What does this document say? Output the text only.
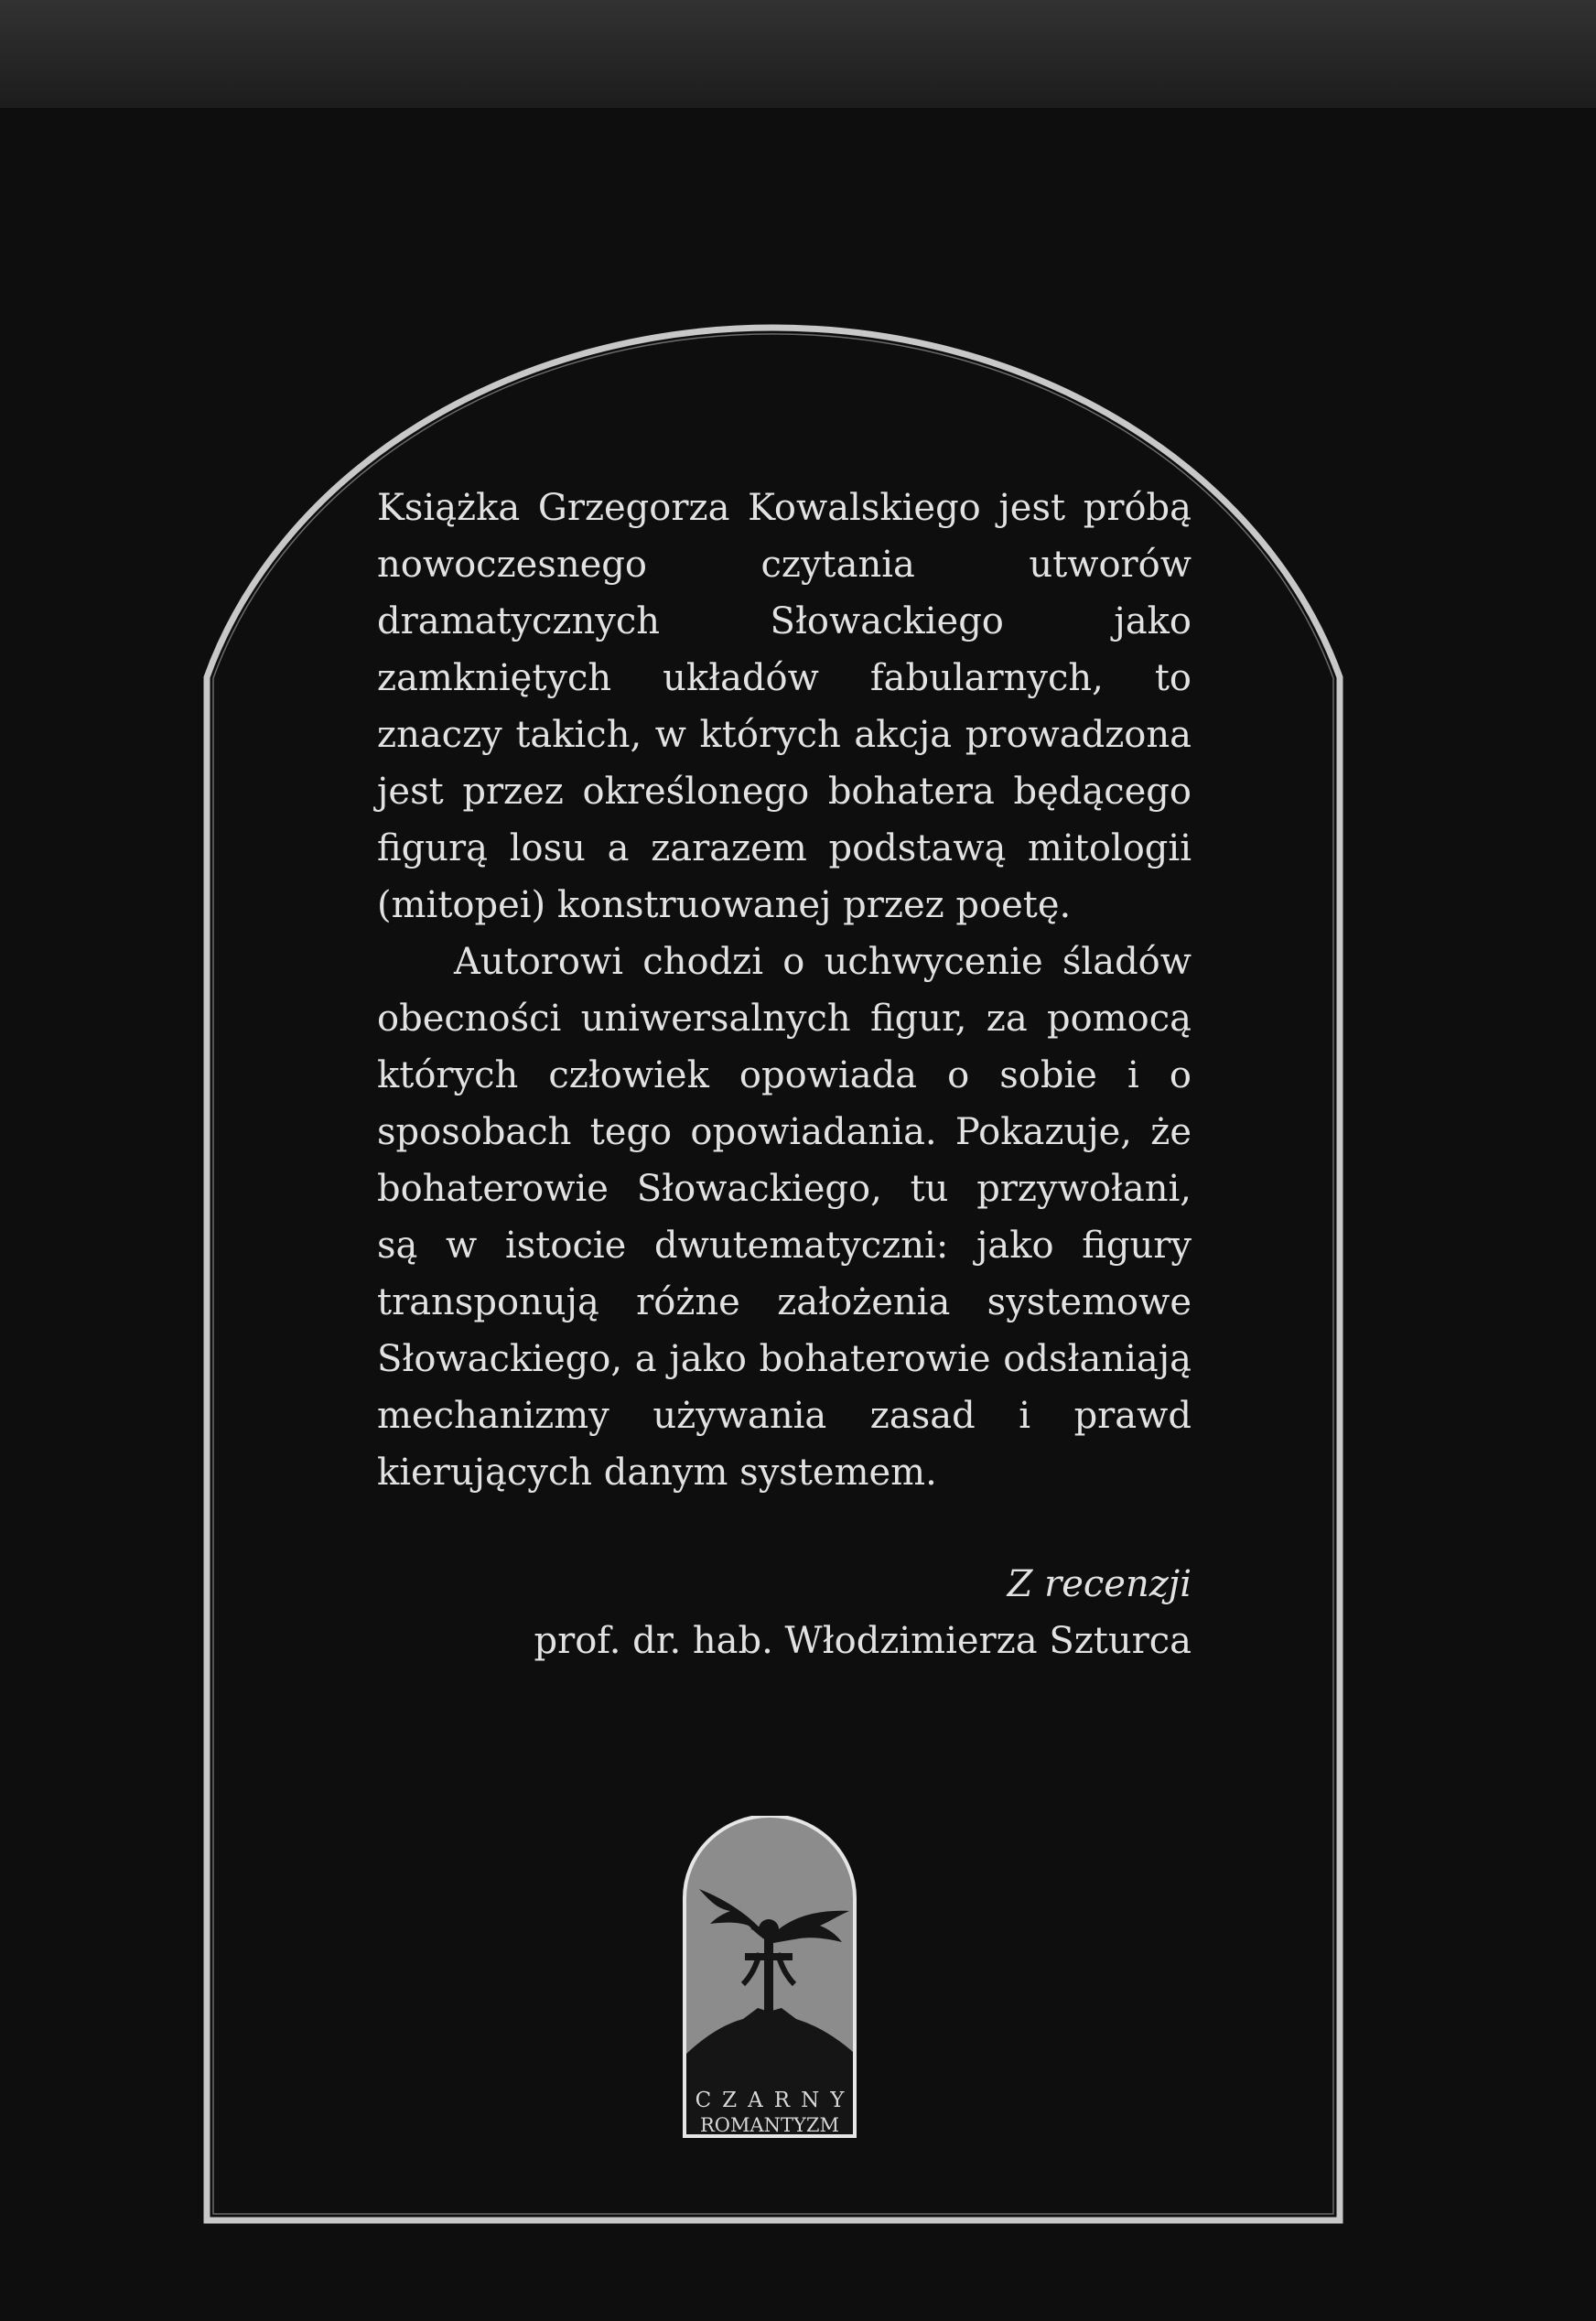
Książka Grzegorza Kowalskiego jest próbą nowoczesnego czytania utworów dramatycznych Słowackiego jako zamkniętych układów fabularnych, to znaczy takich, w których akcja prowadzona jest przez określonego bohatera będącego figurą losu a zarazem podstawą mitologii (mitopei) konstruowanej przez poetę.

Autorowi chodzi o uchwycenie śladów obecności uniwersalnych figur, za pomocą których człowiek opowiada o sobie i o sposobach tego opowiadania. Pokazuje, że bohaterowie Słowackiego, tu przywołani, są w istocie dwutematyczni: jako figury transponują różne założenia systemowe Słowackiego, a jako bohaterowie odsłaniają mechanizmy używania zasad i prawd kierujących danym systemem.

Z recenzji
prof. dr. hab. Włodzimierza Szturca
CZARNY
ROMANTYZM
